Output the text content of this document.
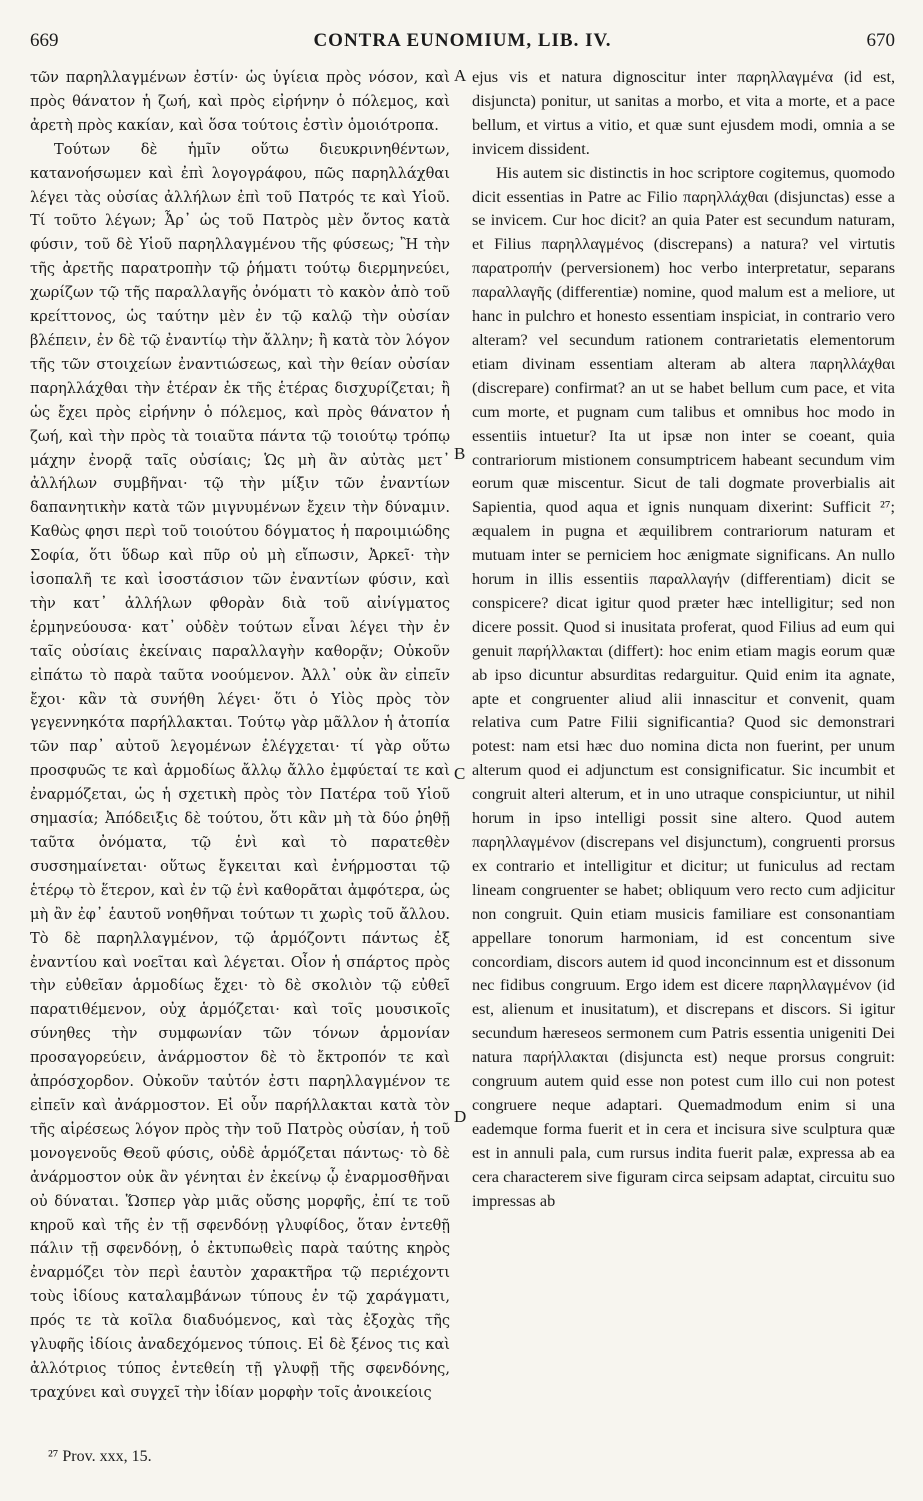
669	CONTRA EUNOMIUM, LIB. IV.	670

τῶν παρηλλαγμένων ἐστίν· ὡς ὑγίεια πρὸς νόσον, καὶ πρὸς θάνατον ἡ ζωή, καὶ πρὸς εἰρήνην ὁ πόλεμος, καὶ ἀρετὴ πρὸς κακίαν, καὶ ὅσα τούτοις ἐστὶν ὁμοιότροπα.

Τούτων δὲ ἡμῖν οὕτω διευκρινηθέντων, κατανοήσωμεν καὶ ἐπὶ λογογράφου, πῶς παρηλλάχθαι λέγει τὰς οὐσίας ἀλλήλων ἐπὶ τοῦ Πατρός τε καὶ Υἱοῦ. Τί τοῦτο λέγων; Ἆρ᾿ ὡς τοῦ Πατρὸς μὲν ὄντος κατὰ φύσιν, τοῦ δὲ Υἱοῦ παρηλλαγμένου τῆς φύσεως; Ἢ τὴν τῆς ἀρετῆς παρατροπὴν τῷ ῥήματι τούτῳ διερμηνεύει, χωρίζων τῷ τῆς παραλλαγῆς ὀνόματι τὸ κακὸν ἀπὸ τοῦ κρείττονος, ὡς ταύτην μὲν ἐν τῷ καλῷ τὴν οὐσίαν βλέπειν, ἐν δὲ τῷ ἐναντίῳ τὴν ἄλλην; ἢ κατὰ τὸν λόγον τῆς τῶν στοιχείων ἐναντιώσεως, καὶ τὴν θείαν οὐσίαν παρηλλάχθαι τὴν ἑτέραν ἐκ τῆς ἑτέρας δισχυρίζεται; ἢ ὡς ἔχει πρὸς εἰρήνην ὁ πόλεμος, καὶ πρὸς θάνατον ἡ ζωή, καὶ τὴν πρὸς τὰ τοιαῦτα πάντα τῷ τοιούτῳ τρόπῳ μάχην ἐνορᾷ ταῖς οὐσίαις; Ὡς μὴ ἂν αὐτὰς μετ᾿ ἀλλήλων συμβῆναι· τῷ τὴν μίξιν τῶν ἐναντίων δαπανητικὴν κατὰ τῶν μιγνυμένων ἔχειν τὴν δύναμιν. Καθὼς φησι περὶ τοῦ τοιούτου δόγματος ἡ παροιμιώδης Σοφία, ὅτι ὕδωρ καὶ πῦρ οὐ μὴ εἴπωσιν, Ἀρκεῖ· τὴν ἰσοπαλῆ τε καὶ ἰσοστάσιον τῶν ἐναντίων φύσιν, καὶ τὴν κατ᾿ ἀλλήλων φθορὰν διὰ τοῦ αἰνίγματος ἑρμηνεύουσα· κατ᾿ οὐδὲν τούτων εἶναι λέγει τὴν ἐν ταῖς οὐσίαις ἐκείναις παραλλαγὴν καθορᾷν; Οὐκοῦν εἰπάτω τὸ παρὰ ταῦτα νοούμενον. Ἀλλ᾿ οὐκ ἂν εἰπεῖν ἔχοι· κἂν τὰ συνήθη λέγει· ὅτι ὁ Υἱὸς πρὸς τὸν γεγεννηκότα παρήλλακται. Τούτῳ γὰρ μᾶλλον ἡ ἀτοπία τῶν παρ᾿ αὐτοῦ λεγομένων ἐλέγχεται· τί γὰρ οὕτω προσφυῶς τε καὶ ἁρμοδίως ἄλλῳ ἄλλο ἐμφύεταί τε καὶ ἐναρμόζεται, ὡς ἡ σχετικὴ πρὸς τὸν Πατέρα τοῦ Υἱοῦ σημασία; Ἀπόδειξις δὲ τούτου, ὅτι κἂν μὴ τὰ δύο ῥηθῇ ταῦτα ὀνόματα, τῷ ἑνὶ καὶ τὸ παρατεθὲν συσσημαίνεται· οὕτως ἔγκειται καὶ ἐνήρμοσται τῷ ἑτέρῳ τὸ ἕτερον, καὶ ἐν τῷ ἑνὶ καθορᾶται ἀμφότερα, ὡς μὴ ἂν ἐφ᾿ ἑαυτοῦ νοηθῆναι τούτων τι χωρὶς τοῦ ἄλλου. Τὸ δὲ παρηλλαγμένον, τῷ ἁρμόζοντι πάντως ἐξ ἐναντίου καὶ νοεῖται καὶ λέγεται. Οἷον ἡ σπάρτος πρὸς τὴν εὐθεῖαν ἁρμοδίως ἔχει· τὸ δὲ σκολιὸν τῷ εὐθεῖ παρατιθέμενον, οὐχ ἁρμόζεται· καὶ τοῖς μουσικοῖς σύνηθες τὴν συμφωνίαν τῶν τόνων ἁρμονίαν προσαγορεύειν, ἀνάρμοστον δὲ τὸ ἔκτροπόν τε καὶ ἀπρόσχορδον. Οὐκοῦν ταὐτόν ἐστι παρηλλαγμένον τε εἰπεῖν καὶ ἀνάρμοστον. Εἰ οὖν παρήλλακται κατὰ τὸν τῆς αἱρέσεως λόγον πρὸς τὴν τοῦ Πατρὸς οὐσίαν, ἡ τοῦ μονογενοῦς Θεοῦ φύσις, οὐδὲ ἁρμόζεται πάντως· τὸ δὲ ἀνάρμοστον οὐκ ἂν γένηται ἐν ἐκείνῳ ᾧ ἐναρμοσθῆναι οὐ δύναται. Ὥσπερ γὰρ μιᾶς οὔσης μορφῆς, ἐπί τε τοῦ κηροῦ καὶ τῆς ἐν τῇ σφενδόνῃ γλυφίδος, ὅταν ἐντεθῇ πάλιν τῇ σφενδόνῃ, ὁ ἐκτυπωθεὶς παρὰ ταύτης κηρὸς ἐναρμόζει τὸν περὶ ἑαυτὸν χαρακτῆρα τῷ περιέχοντι τοὺς ἰδίους καταλαμβάνων τύπους ἐν τῷ χαράγματι, πρός τε τὰ κοῖλα διαδυόμενος, καὶ τὰς ἐξοχὰς τῆς γλυφῆς ἰδίοις ἀναδεχόμενος τύποις. Εἰ δὲ ξένος τις καὶ ἀλλότριος τύπος ἐντεθείη τῇ γλυφῇ τῆς σφενδόνης, τραχύνει καὶ συγχεῖ τὴν ἰδίαν μορφὴν τοῖς ἀνοικείοις

A
B
C
D

ejus vis et natura dignoscitur inter παρηλλαγμένα (id est, disjuncta) ponitur, ut sanitas a morbo, et vita a morte, et a pace bellum, et virtus a vitio, et quæ sunt ejusdem modi, omnia a se invicem dissident.

His autem sic distinctis in hoc scriptore cogitemus, quomodo dicit essentias in Patre ac Filio παρηλλάχθαι (disjunctas) esse a se invicem. Cur hoc dicit? an quia Pater est secundum naturam, et Filius παρηλλαγμένος (discrepans) a natura? vel virtutis παρατροπήν (perversionem) hoc verbo interpretatur, separans παραλλαγῆς (differentiæ) nomine, quod malum est a meliore, ut hanc in pulchro et honesto essentiam inspiciat, in contrario vero alteram? vel secundum rationem contrarietatis elementorum etiam divinam essentiam alteram ab altera παρηλλάχθαι (discrepare) confirmat? an ut se habet bellum cum pace, et vita cum morte, et pugnam cum talibus et omnibus hoc modo in essentiis intuetur? Ita ut ipsæ non inter se coeant, quia contrariorum mistionem consumptricem habeant secundum vim eorum quæ miscentur. Sicut de tali dogmate proverbialis ait Sapientia, quod aqua et ignis nunquam dixerint: Sufficit ²⁷; æqualem in pugna et æquilibrem contrariorum naturam et mutuam inter se perniciem hoc ænigmate significans. An nullo horum in illis essentiis παραλλαγήν (differentiam) dicit se conspicere? dicat igitur quod præter hæc intelligitur; sed non dicere possit. Quod si inusitata proferat, quod Filius ad eum qui genuit παρήλλακται (differt): hoc enim etiam magis eorum quæ ab ipso dicuntur absurditas redarguitur. Quid enim ita agnate, apte et congruenter aliud alii innascitur et convenit, quam relativa cum Patre Filii significantia? Quod sic demonstrari potest: nam etsi hæc duo nomina dicta non fuerint, per unum alterum quod ei adjunctum est consignificatur. Sic incumbit et congruit alteri alterum, et in uno utraque conspiciuntur, ut nihil horum in ipso intelligi possit sine altero. Quod autem παρηλλαγμένον (discrepans vel disjunctum), congruenti prorsus ex contrario et intelligitur et dicitur; ut funiculus ad rectam lineam congruenter se habet; obliquum vero recto cum adjicitur non congruit. Quin etiam musicis familiare est consonantiam appellare tonorum harmoniam, id est concentum sive concordiam, discors autem id quod inconcinnum est et dissonum nec fidibus congruum. Ergo idem est dicere παρηλλαγμένον (id est, alienum et inusitatum), et discrepans et discors. Si igitur secundum hæreseos sermonem cum Patris essentia unigeniti Dei natura παρήλλακται (disjuncta est) neque prorsus congruit: congruum autem quid esse non potest cum illo cui non potest congruere neque adaptari. Quemadmodum enim si una eademque forma fuerit et in cera et incisura sive sculptura quæ est in annuli pala, cum rursus indita fuerit palæ, expressa ab ea cera characterem sive figuram circa seipsam adaptat, circuitu suo impressas ab

²⁷ Prov. xxx, 15.
